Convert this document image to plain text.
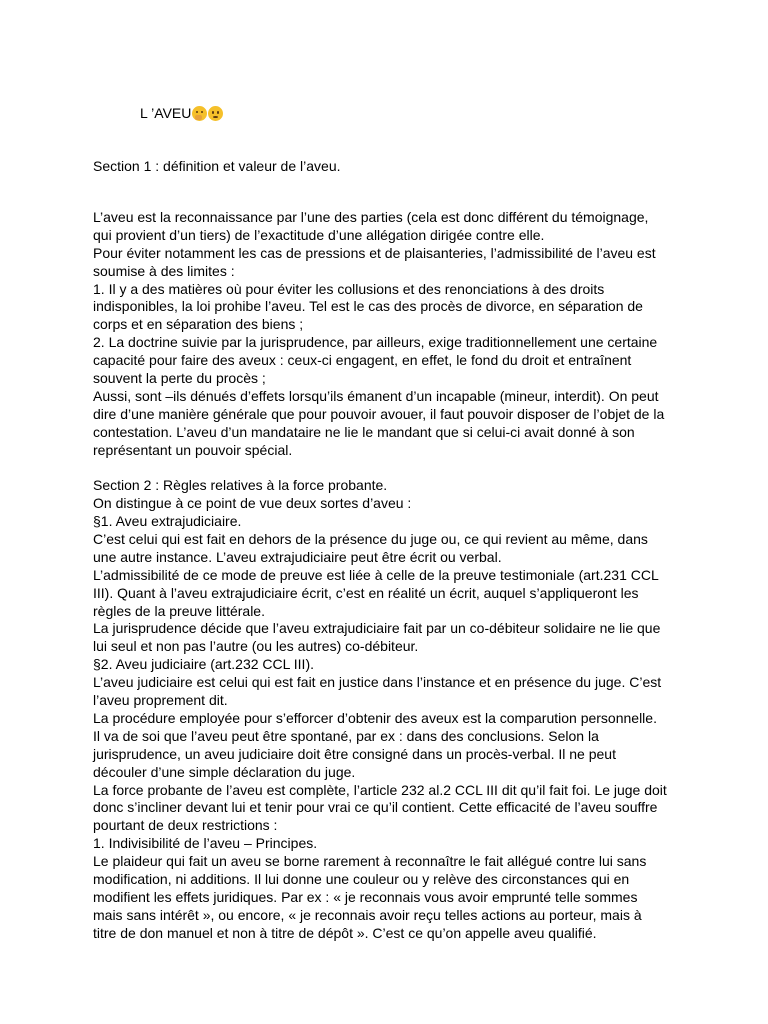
L ’AVEU
Section 1 : définition et valeur de l’aveu.
L’aveu est la reconnaissance par l’une des parties (cela est donc différent du témoignage,
qui provient d’un tiers) de l’exactitude d’une allégation dirigée contre elle.
Pour éviter notamment les cas de pressions et de plaisanteries, l’admissibilité de l’aveu est
soumise à des limites :
1. Il y a des matières où pour éviter les collusions et des renonciations à des droits
indisponibles, la loi prohibe l’aveu. Tel est le cas des procès de divorce, en séparation de
corps et en séparation des biens ;
2. La doctrine suivie par la jurisprudence, par ailleurs, exige traditionnellement une certaine
capacité pour faire des aveux : ceux-ci engagent, en effet, le fond du droit et entraînent
souvent la perte du procès ;
Aussi, sont –ils dénués d’effets lorsqu’ils émanent d’un incapable (mineur, interdit). On peut
dire d’une manière générale que pour pouvoir avouer, il faut pouvoir disposer de l’objet de la
contestation. L’aveu d’un mandataire ne lie le mandant que si celui-ci avait donné à son
représentant un pouvoir spécial.
Section 2 : Règles relatives à la force probante.
On distingue à ce point de vue deux sortes d’aveu :
§1. Aveu extrajudiciaire.
C’est celui qui est fait en dehors de la présence du juge ou, ce qui revient au même, dans
une autre instance. L’aveu extrajudiciaire peut être écrit ou verbal.
L’admissibilité de ce mode de preuve est liée à celle de la preuve testimoniale (art.231 CCL
III). Quant à l’aveu extrajudiciaire écrit, c’est en réalité un écrit, auquel s’appliqueront les
règles de la preuve littérale.
La jurisprudence décide que l’aveu extrajudiciaire fait par un co-débiteur solidaire ne lie que
lui seul et non pas l’autre (ou les autres) co-débiteur.
§2. Aveu judiciaire (art.232 CCL III).
L’aveu judiciaire est celui qui est fait en justice dans l’instance et en présence du juge. C’est
l’aveu proprement dit.
La procédure employée pour s’efforcer d’obtenir des aveux est la comparution personnelle.
Il va de soi que l’aveu peut être spontané, par ex : dans des conclusions. Selon la
jurisprudence, un aveu judiciaire doit être consigné dans un procès-verbal. Il ne peut
découler d’une simple déclaration du juge.
La force probante de l’aveu est complète, l’article 232 al.2 CCL III dit qu’il fait foi. Le juge doit
donc s’incliner devant lui et tenir pour vrai ce qu’il contient. Cette efficacité de l’aveu souffre
pourtant de deux restrictions :
1. Indivisibilité de l’aveu – Principes.
Le plaideur qui fait un aveu se borne rarement à reconnaître le fait allégué contre lui sans
modification, ni additions. Il lui donne une couleur ou y relève des circonstances qui en
modifient les effets juridiques. Par ex : « je reconnais vous avoir emprunté telle sommes
mais sans intérêt », ou encore, « je reconnais avoir reçu telles actions au porteur, mais à
titre de don manuel et non à titre de dépôt ». C’est ce qu’on appelle aveu qualifié.
